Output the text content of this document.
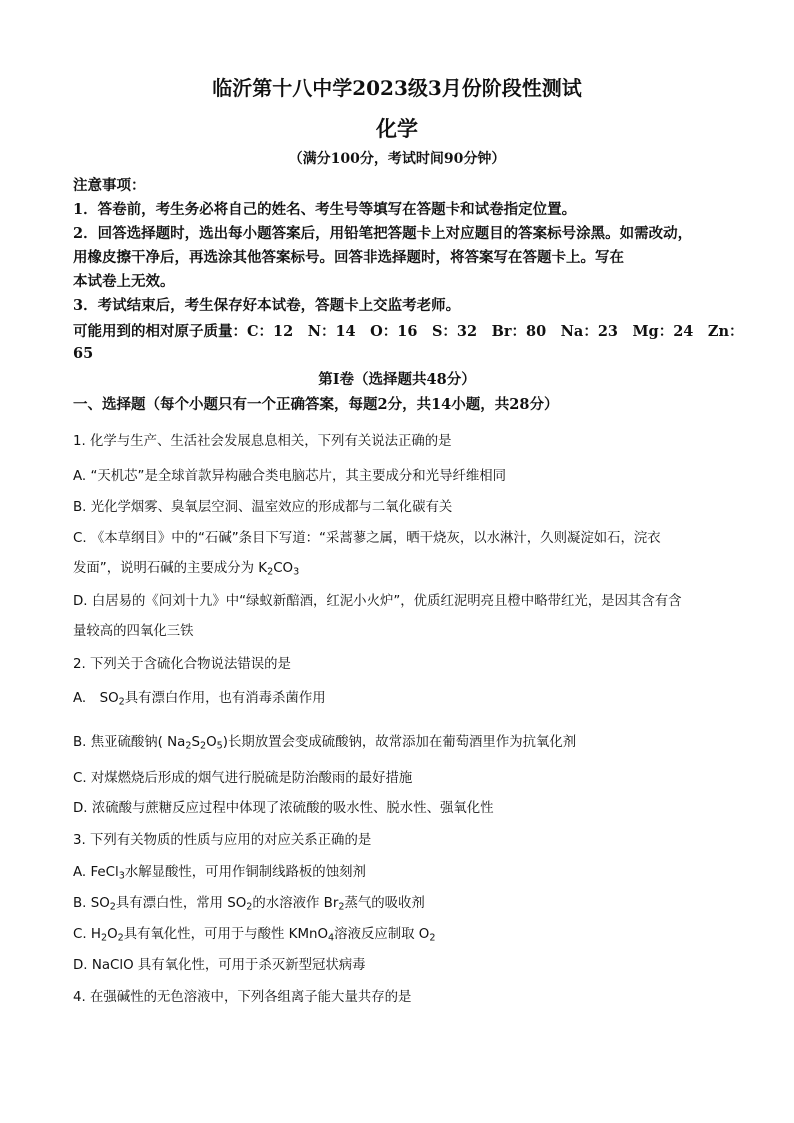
临沂第十八中学2023级3月份阶段性测试
化学
（满分100分，考试时间90分钟）
注意事项：
1．答卷前，考生务必将自己的姓名、考生号等填写在答题卡和试卷指定位置。
2．回答选择题时，选出每小题答案后，用铅笔把答题卡上对应题目的答案标号涂黑。如需改动，
用橡皮擦干净后，再选涂其他答案标号。回答非选择题时，将答案写在答题卡上。写在
本试卷上无效。
3．考试结束后，考生保存好本试卷，答题卡上交监考老师。
可能用到的相对原子质量：C：12　N：14　O：16　S：32　Br：80　Na：23　Mg：24　Zn：
65
第Ⅰ卷（选择题共48分）
一、选择题（每个小题只有一个正确答案，每题2分，共14小题，共28分）
1. 化学与生产、生活社会发展息息相关，下列有关说法正确的是
A. “天机芯”是全球首款异构融合类电脑芯片，其主要成分和光导纤维相同
B. 光化学烟雾、臭氧层空洞、温室效应的形成都与二氧化碳有关
C. 《本草纲目》中的“石碱”条目下写道：“采蒿蓼之属，晒干烧灰，以水淋汁，久则凝淀如石，浣衣
发面”，说明石碱的主要成分为 $K_2CO_3$
D. 白居易的《问刘十九》中“绿蚁新醅酒，红泥小火炉”，优质红泥明亮且橙中略带红光，是因其含有含
量较高的四氧化三铁
2. 下列关于含硫化合物说法错误的是
A.　$SO_2$具有漂白作用，也有消毒杀菌作用
B. 焦亚硫酸钠( $Na_2S_2O_5$)长期放置会变成硫酸钠，故常添加在葡萄酒里作为抗氧化剂
C. 对煤燃烧后形成的烟气进行脱硫是防治酸雨的最好措施
D. 浓硫酸与蔗糖反应过程中体现了浓硫酸的吸水性、脱水性、强氧化性
3. 下列有关物质的性质与应用的对应关系正确的是
A. FeCl$_3$水解显酸性，可用作铜制线路板的蚀刻剂
B. $SO_2$具有漂白性，常用 $SO_2$的水溶液作 $Br_2$蒸气的吸收剂
C. $H_2O_2$具有氧化性，可用于与酸性 KMnO$_4$溶液反应制取 $O_2$
D. NaClO 具有氧化性，可用于杀灭新型冠状病毒
4. 在强碱性的无色溶液中，下列各组离子能大量共存的是
